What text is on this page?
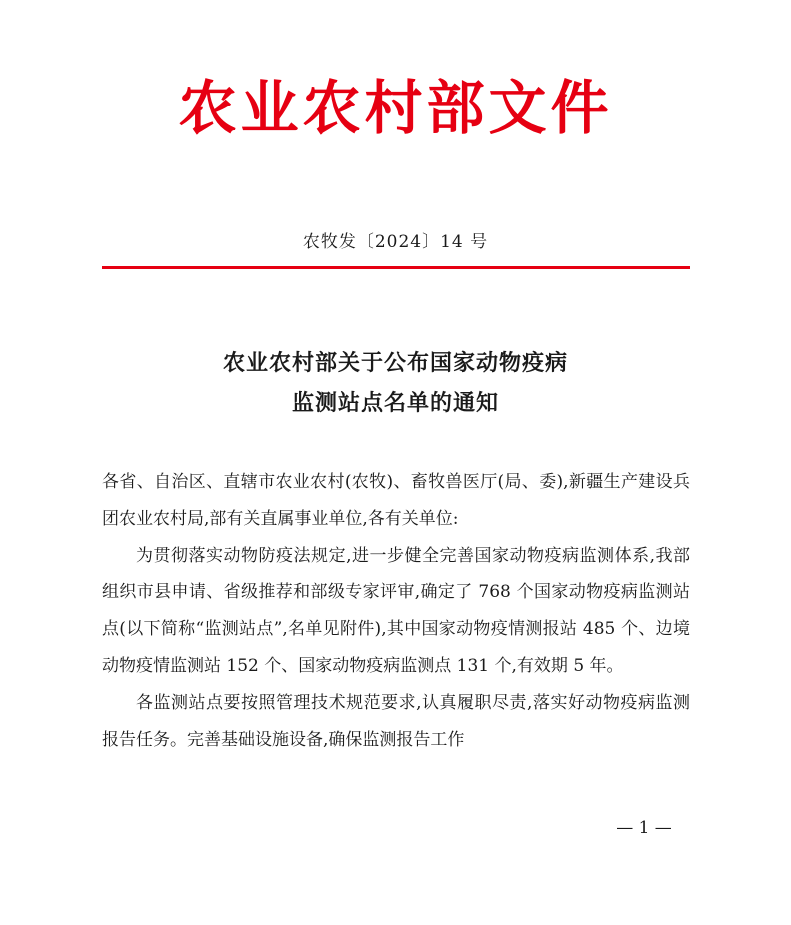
农业农村部文件
农牧发〔2024〕14 号
农业农村部关于公布国家动物疫病
监测站点名单的通知

各省、自治区、直辖市农业农村(农牧)、畜牧兽医厅(局、委),新疆生产建设兵团农业农村局,部有关直属事业单位,各有关单位:

为贯彻落实动物防疫法规定,进一步健全完善国家动物疫病监测体系,我部组织市县申请、省级推荐和部级专家评审,确定了 768 个国家动物疫病监测站点(以下简称“监测站点”,名单见附件),其中国家动物疫情测报站 485 个、边境动物疫情监测站 152 个、国家动物疫病监测点 131 个,有效期 5 年。

各监测站点要按照管理技术规范要求,认真履职尽责,落实好动物疫病监测报告任务。完善基础设施设备,确保监测报告工作

— 1 —
